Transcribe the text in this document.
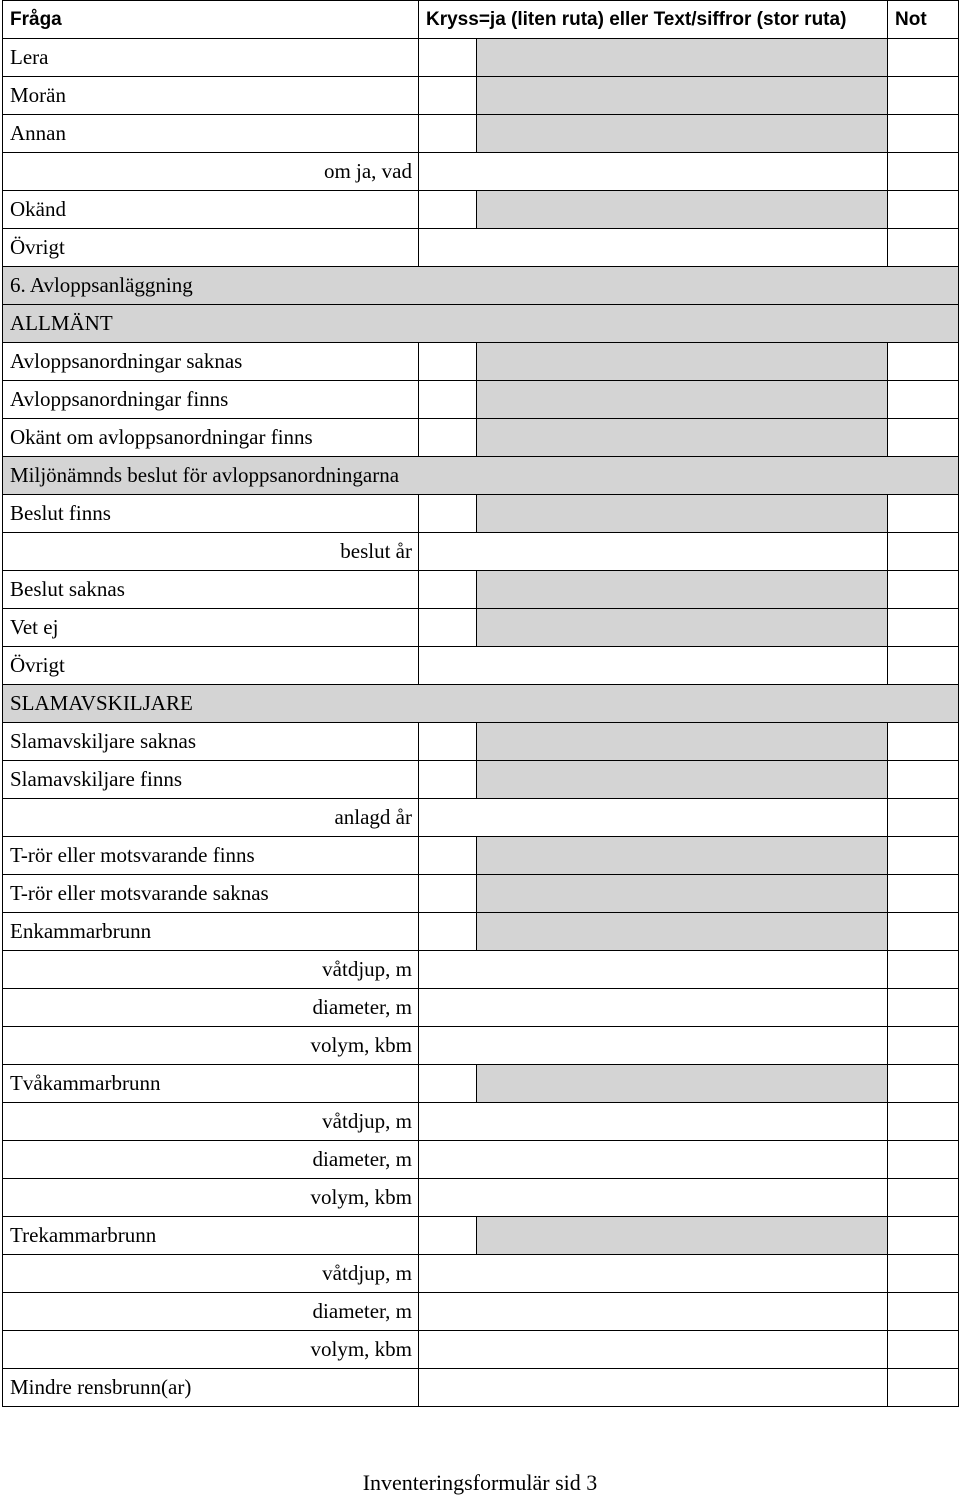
Fråga	Kryss=ja (liten ruta) eller Text/siffror (stor ruta)		Not
Lera			
Morän			
Annan			
om ja, vad			
Okänd			
Övrigt			
6. Avloppsanläggning			
ALLMÄNT			
Avloppsanordningar saknas			
Avloppsanordningar finns			
Okänt om avloppsanordningar finns			
Miljönämnds beslut för avloppsanordningarna			
Beslut finns			
beslut år			
Beslut saknas			
Vet ej			
Övrigt			
SLAMAVSKILJARE			
Slamavskiljare saknas			
Slamavskiljare finns			
anlagd år			
T-rör eller motsvarande finns			
T-rör eller motsvarande saknas			
Enkammarbrunn			
våtdjup, m			
diameter, m			
volym, kbm			
Tvåkammarbrunn			
våtdjup, m			
diameter, m			
volym, kbm			
Trekammarbrunn			
våtdjup, m			
diameter, m			
volym, kbm			
Mindre rensbrunn(ar)			
Inventeringsformulär sid 3
